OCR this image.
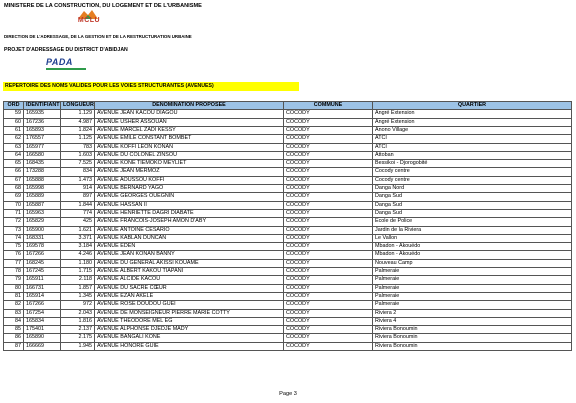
MINISTERE DE LA CONSTRUCTION, DU LOGEMENT ET DE L'URBANISME
MCLU
DIRECTION DE L'ADRESSAGE, DE LA GESTION ET DE LA RESTRUCTURATION URBAINE
PROJET D'ADRESSAGE DU DISTRICT D'ABIDJAN
PADA
REPERTOIRE DES NOMS VALIDES POUR LES VOIES STRUCTURANTES (AVENUES)
ORD	IDENTIFIANT	LONGUEUR	DENOMINATION PROPOSEE	COMMUNE	QUARTIER
59	165935	1.129	AVENUE JEAN KACOU DIAGOU	COCODY	Angré Extension
60	167236	4.987	AVENUE USHER ASSOUAN	COCODY	Angré Extension
61	165893	1.824	AVENUE MARCEL ZADI KESSY	COCODY	Anono Village
62	176557	1.125	AVENUE ÉMILE CONSTANT BOMBET	COCODY	ATCI
63	165977	783	AVENUE KOFFI LÉON KONAN	COCODY	ATCI
64	166580	1.603	AVENUE DU COLONEL ZINSOU	COCODY	Attoban
65	168435	7.525	AVENUE KONE TIEMOKO MEYLIET	COCODY	Bessikoi - Djorogobité
66	173288	834	AVENUE JEAN MERMOZ	COCODY	Cocody centre
67	165888	1.473	AVENUE AOUSSOU KOFFI	COCODY	Cocody centre
68	165998	914	AVENUE BERNARD YAGO	COCODY	Danga Nord
69	165889	897	AVENUE GEORGES OUEGNIN	COCODY	Danga Sud
70	165887	1.844	AVENUE HASSAN II	COCODY	Danga Sud
71	165963	774	AVENUE HENRIETTE DAGRI DIABATE	COCODY	Danga Sud
72	165829	425	AVENUE FRANCOIS-JOSEPH AMON D'ABY	COCODY	Ecole de Police
73	165900	1.621	AVENUE ANTOINE CESARIO	COCODY	Jardin de la Riviera
74	168331	3.371	AVENUE KABLAN DUNCAN	COCODY	Le Vallon
75	169578	3.184	AVENUE EDEN	COCODY	Mbadon - Akouédo
76	167266	4.246	AVENUE JEAN KONAN BANNY	COCODY	Mbadon - Akouédo
77	168245	1.180	AVENUE DU GÉNÉRAL AKISSI KOUAME	COCODY	Nouveau Camp
78	167245	1.715	AVENUE ALBERT KAKOU TIAPANI	COCODY	Palmeraie
79	165911	2.118	AVENUE ALCIDE KACOU	COCODY	Palmeraie
80	166731	1.857	AVENUE DU SACRE CŒUR	COCODY	Palmeraie
81	165914	1.345	AVENUE EZAN AKELE	COCODY	Palmeraie
82	167266	972	AVENUE ROSE DOUDOU GUEI	COCODY	Palmeraie
83	167254	2.043	AVENUE DE MONSEIGNEUR PIERRE MARIE COTTY	COCODY	Riviera 2
84	165834	1.816	AVENUE THÉODORE MEL EG	COCODY	Riviera 4
85	175401	2.137	AVENUE ALPHONSE DJÉDJÉ MADY	COCODY	Riviera Bonoumin
86	165890	2.175	AVENUE BANGALI KONÉ	COCODY	Riviera Bonoumin
87	166669	1.945	AVENUE HONORE GUIE	COCODY	Riviera Bonoumin
Page 3
